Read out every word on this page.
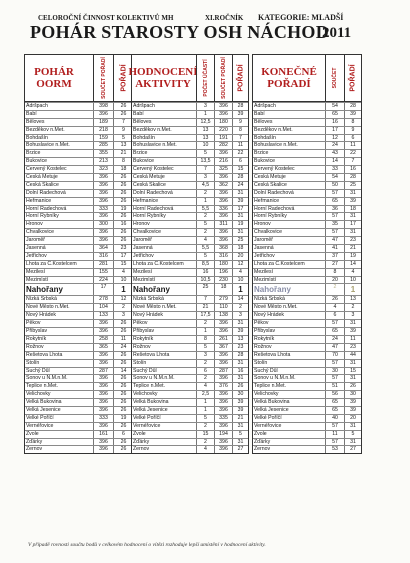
CELOROČNÍ ČINNOST KOLEKTIVŮ MH	XI.ROČNÍK KATEGORIE: MLADŠÍ
POHÁR STAROSTY OSH NÁCHOD
2011
POHÁR OORM	SOUČET POŘADÍ POŘADÍ
Adršpach	398	26
Babí	396	26
Běloves	189	7
Bezděkov n.Met.	218	9
Bohdašín	159	5
Bohuslavice n.Met.	285	13
Brzice	355	21
Bukovice	213	8
Červený Kostelec	323	18
Česká Metuje	396	26
Česká Skalice	396	26
Dolní Radechová	396	26
Heřmanice	396	26
Horní Radechová	333	19
Horní Rybníky	396	26
Hronov	300	16
Chvalkovice	396	26
Jaroměř	396	26
Jasenná	364	23
Jetřichov	316	17
Lhota za Č.Kostelcem	281	15
Mezilesí	155	4
Mezimìstí	224	10
Nahořany	17	1
Nízká Srbská	278	12
Nové Město n.Met.	104	2
Nový Hrádek	133	3
Pěkov	396	26
Přibyslav	396	26
Rokytník	258	11
Rožnov	365	24
Řešetova Lhota	396	26
Stolín	396	26
Suchý Důl	287	14
Šonov u N.M.n.M.	396	26
Teplice n.Met.	396	26
Velichovky	396	26
Velká Bukovina	396	26
Velká Jesenice	396	26
Velké Poříčí	333	19
Vernéřovice	396	26
Zvole	161	6
Žďárky	396	26
Žernov	396	26
HODNOCENÍ AKTIVITY	POČET ÚČASTÍ SOUČET POŘADÍ POŘADÍ
Adršpach	3	396	28
Babí	1	396	39
Běloves	12,5	180	9
Bezděkov n.Met.	13	220	8
Bohdašín	13	191	7
Bohuslavice n.Met.	10	282	11
Brzice	5	396	22
Bukovice	13,5	216	6
Červený Kostelec	7	325	15
Česká Metuje	3	396	28
Česká Skalice	4,5	362	24
Dolní Radechová	2	396	31
Heřmanice	1	396	39
Horní Radechová	5,5	336	17
Horní Rybníky	2	396	31
Hronov	5	311	19
Chvalkovice	2	396	31
Jaroměř	4	396	25
Jasenná	5,5	368	18
Jetřichov	5	316	20
Lhota za Č.Kostelcem	8,5	180	12
Mezilesí	16	196	4
Mezimìstí	10,5	230	10
Nahořany	25	18	1
Nízká Srbská	7	279	14
Nové Město n.Met.	21	110	2
Nový Hrádek	17,5	138	3
Pěkov	2	396	31
Přibyslav	1	396	39
Rokytník	8	261	13
Rožnov	5	367	23
Řešetova Lhota	3	396	28
Stolín	2	396	31
Suchý Důl	6	287	16
Šonov u N.M.n.M.	2	396	31
Teplice n.Met.	4	376	26
Velichovky	2,5	396	30
Velká Bukovina	1	396	39
Velká Jesenice	1	396	39
Velké Poříčí	5	335	21
Vernéřovice	2	396	31
Zvole	15	194	5
Žďárky	2	396	31
Žernov	4	396	27
KONEČNÉ POŘADÍ	SOUČET POŘADÍ
Adršpach	54	28
Babí	65	39
Běloves	16	8
Bezděkov n.Met.	17	9
Bohdašín	12	6
Bohuslavice n.Met.	24	11
Brzice	43	22
Bukovice	14	7
Červený Kostelec	33	16
Česká Metuje	54	28
Česká Skalice	50	25
Dolní Radechová	57	31
Heřmanice	65	39
Horní Radechová	36	18
Horní Rybníky	57	31
Hronov	35	17
Chvalkovice	57	31
Jaroměř	47	23
Jasenná	41	21
Jetřichov	37	19
Lhota za Č.Kostelcem	27	14
Mezilesí	8	4
Mezimìstí	20	10
Nahořany	2	1
Nízká Srbská	26	13
Nové Město n.Met.	4	2
Nový Hrádek	6	3
Pěkov	57	31
Přibyslav	65	39
Rokytník	24	11
Rožnov	47	23
Řešetova Lhota	70	44
Stolín	57	31
Suchý Důl	30	15
Šonov u N.M.n.M.	57	31
Teplice n.Met.	51	26
Velichovky	56	30
Velká Bukovina	65	39
Velká Jesenice	65	39
Velké Poříčí	40	20
Vernéřovice	57	31
Zvole	11	5
Žďárky	57	31
Žernov	53	27
V případě rovnosti součtu bodů v celkovém hodnocení o vítězi rozhoduje lepší umístění v hodnocení aktivity.
